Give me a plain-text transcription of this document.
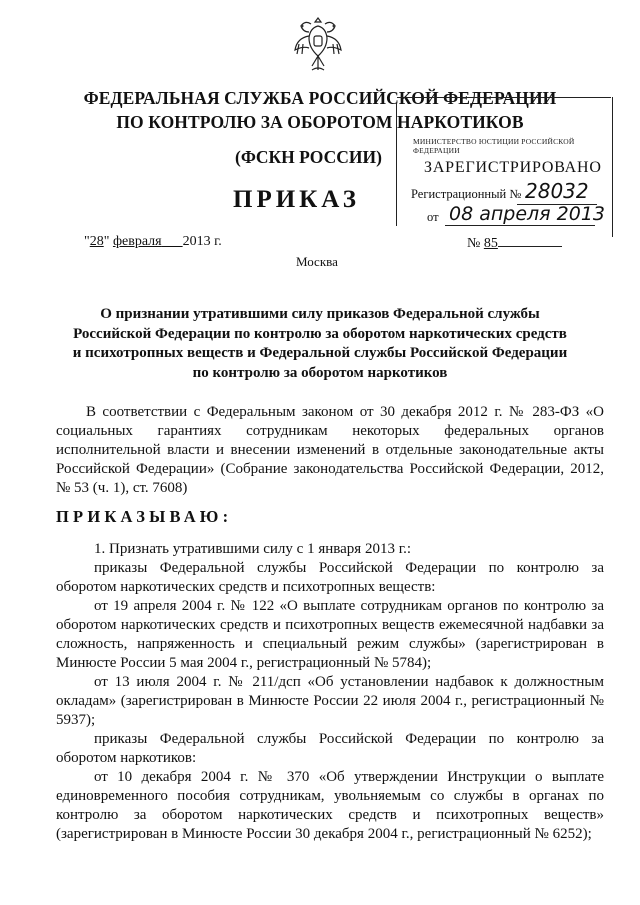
ФЕДЕРАЛЬНАЯ СЛУЖБА РОССИЙСКОЙ ФЕДЕРАЦИИ
ПО КОНТРОЛЮ ЗА ОБОРОТОМ НАРКОТИКОВ
(ФСКН РОССИИ)
ПРИКАЗ
МИНИСТЕРСТВО ЮСТИЦИИ РОССИЙСКОЙ ФЕДЕРАЦИИ
ЗАРЕГИСТРИРОВАНО
Регистрационный № 28032
от 08 апреля 2013
"28" февраля 2013 г.	№ 85
Москва
О признании утратившими силу приказов Федеральной службы Российской Федерации по контролю за оборотом наркотических средств и психотропных веществ и Федеральной службы Российской Федерации по контролю за оборотом наркотиков
В соответствии с Федеральным законом от 30 декабря 2012 г. № 283-ФЗ «О социальных гарантиях сотрудникам некоторых федеральных органов исполнительной власти и внесении изменений в отдельные законодательные акты Российской Федерации» (Собрание законодательства Российской Федерации, 2012, № 53 (ч. 1), ст. 7608)
ПРИКАЗЫВАЮ:
1. Признать утратившими силу с 1 января 2013 г.:
приказы Федеральной службы Российской Федерации по контролю за оборотом наркотических средств и психотропных веществ:
от 19 апреля 2004 г. № 122 «О выплате сотрудникам органов по контролю за оборотом наркотических средств и психотропных веществ ежемесячной надбавки за сложность, напряженность и специальный режим службы» (зарегистрирован в Минюсте России 5 мая 2004 г., регистрационный № 5784);
от 13 июля 2004 г. № 211/дсп «Об установлении надбавок к должностным окладам» (зарегистрирован в Минюсте России 22 июля 2004 г., регистрационный № 5937);
приказы Федеральной службы Российской Федерации по контролю за оборотом наркотиков:
от 10 декабря 2004 г. № 370 «Об утверждении Инструкции о выплате единовременного пособия сотрудникам, увольняемым со службы в органах по контролю за оборотом наркотических средств и психотропных веществ» (зарегистрирован в Минюсте России 30 декабря 2004 г., регистрационный № 6252);
